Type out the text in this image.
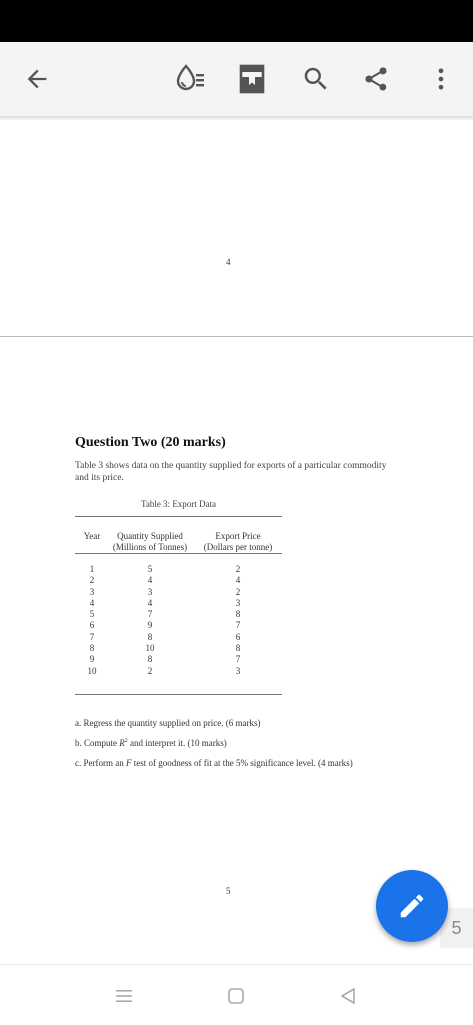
4
Question Two (20 marks)
Table 3 shows data on the quantity supplied for exports of a particular commodity and its price.
Table 3: Export Data
Year	Quantity Supplied
(Millions of Tonnes)
Export Price
(Dollars per tonne)
1
2
3
4
5
6
7
8
9
10
5
4
3
4
7
9
8
10
8
2
2
4
2
3
8
7
6
8
7
3
a. Regress the quantity supplied on price. (6 marks)
b. Compute $R^2$ and interpret it. (10 marks)
c. Perform an F test of goodness of fit at the 5% significance level. (4 marks)
5
5
